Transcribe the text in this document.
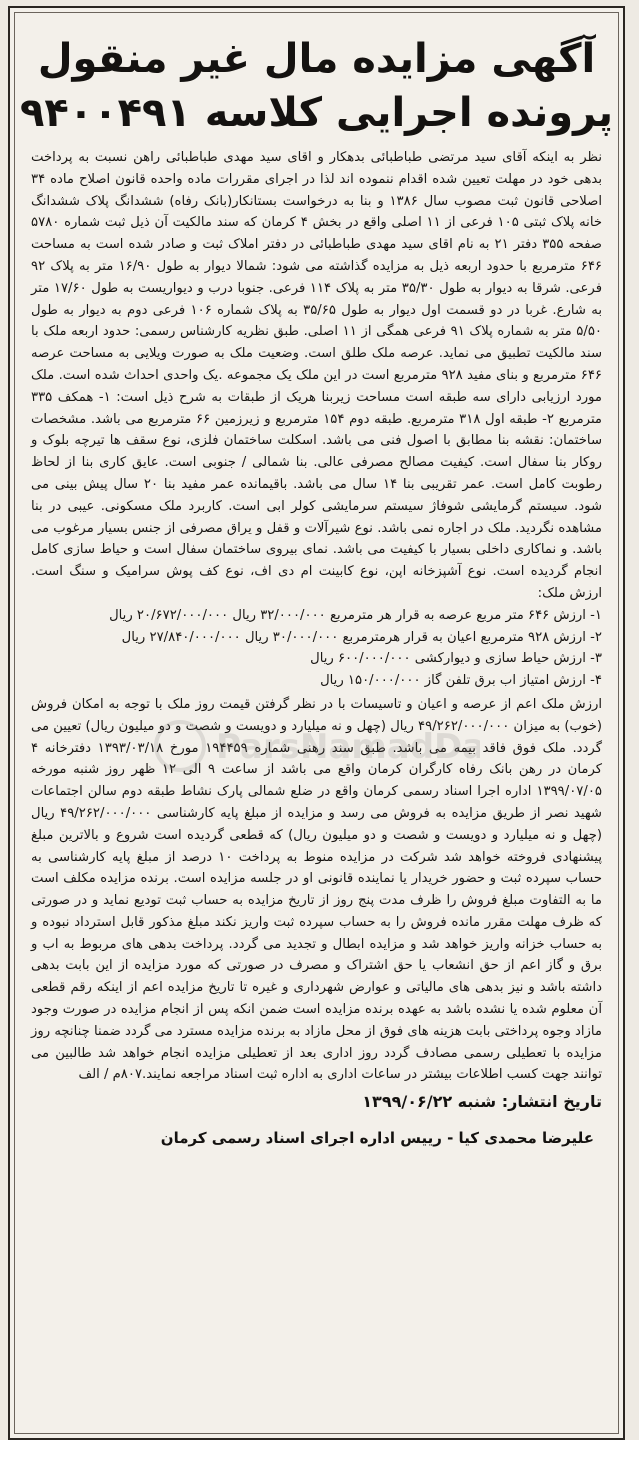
آگهی مزایده مال غیر منقول
پرونده اجرایی کلاسه ۹۴۰۰۴۹۱

نظر به اینکه آقای سید مرتضی طباطبائی بدهکار و اقای سید مهدی طباطبائی راهن نسبت به پرداخت بدهی خود در مهلت تعیین شده اقدام ننموده اند لذا در اجرای مقررات ماده واحده قانون اصلاح ماده ۳۴ اصلاحی قانون ثبت مصوب سال ۱۳۸۶ و بنا به درخواست بستانکار(بانک رفاه) ششدانگ پلاک ششدانگ خانه پلاک ثبتی ۱۰۵ فرعی از ۱۱ اصلی واقع در بخش ۴ کرمان که سند مالکیت آن ذیل ثبت شماره ۵۷۸۰ صفحه ۳۵۵ دفتر ۲۱ به نام اقای سید مهدی طباطبائی در دفتر املاک ثبت و صادر شده است به مساحت ۶۴۶ مترمربع با حدود اربعه ذیل به مزایده گذاشته می شود: شمالا دیوار به طول ۱۶/۹۰ متر به پلاک ۹۲ فرعی. شرقا به دیوار به طول ۳۵/۳۰ متر به پلاک ۱۱۴ فرعی. جنوبا درب و دیواریست به طول ۱۷/۶۰ متر به شارع. غربا در دو قسمت اول دیوار به طول ۳۵/۶۵ به پلاک شماره ۱۰۶ فرعی دوم به دیوار به طول ۵/۵۰ متر به شماره پلاک ۹۱ فرعی همگی از ۱۱ اصلی. طبق نظریه کارشناس رسمی: حدود اربعه ملک با سند مالکیت تطبیق می نماید. عرصه ملک طلق است. وضعیت ملک به صورت ویلایی به مساحت عرصه ۶۴۶ مترمربع و بنای مفید ۹۲۸ مترمربع است در این ملک یک مجموعه .یک واحدی احداث شده است. ملک مورد ارزیابی دارای سه طبقه است مساحت زیربنا هریک از طبقات به شرح ذیل است: ۱- همکف ۳۳۵ مترمربع ۲- طبقه اول ۳۱۸ مترمربع. طبقه دوم ۱۵۴ مترمربع و زیرزمین ۶۶ مترمربع می باشد. مشخصات ساختمان: نقشه بنا مطابق با اصول فنی می باشد. اسکلت ساختمان فلزی، نوع سقف ها تیرچه بلوک و روکار بنا سفال است. کیفیت مصالح مصرفی عالی. بنا شمالی / جنوبی است. عایق کاری بنا از لحاظ رطوبت کامل است. عمر تقریبی بنا ۱۴ سال می باشد. باقیمانده عمر مفید بنا ۲۰ سال پیش بینی می شود. سیستم گرمایشی شوفاژ سیستم سرمایشی کولر ابی است. کاربرد ملک مسکونی. عیبی در بنا مشاهده نگردید. ملک در اجاره نمی باشد. نوع شیرآلات و قفل و یراق مصرفی از جنس بسیار مرغوب می باشد. و نماکاری داخلی بسیار با کیفیت می باشد. نمای بیروی ساختمان سفال است و حیاط سازی کامل انجام گردیده است. نوع آشپزخانه اپن، نوع کابینت ام دی اف، نوع کف پوش سرامیک و سنگ است. ارزش ملک:

۱- ارزش ۶۴۶ متر مربع عرصه به قرار هر مترمربع ۳۲/۰۰۰/۰۰۰ ریال ۲۰/۶۷۲/۰۰۰/۰۰۰ ریال

۲- ارزش ۹۲۸ مترمربع اعیان به قرار هرمترمربع ۳۰/۰۰۰/۰۰۰ ریال ۲۷/۸۴۰/۰۰۰/۰۰۰ ریال

۳- ارزش حیاط سازی و دیوارکشی ۶۰۰/۰۰۰/۰۰۰ ریال

۴- ارزش امتیاز اب برق تلفن گاز ۱۵۰/۰۰۰/۰۰۰ ریال

ارزش ملک اعم از عرصه و اعیان و تاسیسات با در نظر گرفتن قیمت روز ملک با توجه به امکان فروش (خوب) به میزان ۴۹/۲۶۲/۰۰۰/۰۰۰ ریال (چهل و نه میلیارد و دویست و شصت و دو میلیون ریال) تعیین می گردد. ملک فوق فاقد بیمه می باشد. طبق سند رهنی شماره ۱۹۴۴۵۹ مورخ ۱۳۹۳/۰۳/۱۸ دفترخانه ۴ کرمان در رهن بانک رفاه کارگران کرمان واقع می باشد از ساعت ۹ الی ۱۲ ظهر روز شنبه مورخه ۱۳۹۹/۰۷/۰۵ اداره اجرا اسناد رسمی کرمان واقع در ضلع شمالی پارک نشاط طبقه دوم سالن اجتماعات شهید نصر از طریق مزایده به فروش می رسد و مزایده از مبلغ پایه کارشناسی ۴۹/۲۶۲/۰۰۰/۰۰۰ ریال (چهل و نه میلیارد و دویست و شصت و دو میلیون ریال) که قطعی گردیده است شروع و بالاترین مبلغ پیشنهادی فروخته خواهد شد شرکت در مزایده منوط به پرداخت ۱۰ درصد از مبلغ پایه کارشناسی به حساب سپرده ثبت و حضور خریدار یا نماینده قانونی او در جلسه مزایده است. برنده مزایده مکلف است ما به التفاوت مبلغ فروش را ظرف مدت پنج روز از تاریخ مزایده به حساب ثبت تودیع نماید و در صورتی که ظرف مهلت مقرر مانده فروش را به حساب سپرده ثبت واریز نکند مبلغ مذکور قابل استرداد نبوده و به حساب خزانه واریز خواهد شد و مزایده ابطال و تجدید می گردد. پرداخت بدهی های مربوط به اب و برق و گاز اعم از حق انشعاب یا حق اشتراک و مصرف در صورتی که مورد مزایده از این بابت بدهی داشته باشد و نیز بدهی های مالیاتی و عوارض شهرداری و غیره تا تاریخ مزایده اعم از اینکه رقم قطعی آن معلوم شده یا نشده باشد به عهده برنده مزایده است ضمن انکه پس از انجام مزایده در صورت وجود مازاد وجوه پرداختی بابت هزینه های فوق از محل مازاد به برنده مزایده مسترد می گردد ضمنا چنانچه روز مزایده با تعطیلی رسمی مصادف گردد روز اداری بعد از تعطیلی مزایده انجام خواهد شد طالبین می توانند جهت کسب اطلاعات بیشتر در ساعات اداری به اداره ثبت اسناد مراجعه نمایند.۸۰۷م / الف

تاریخ انتشار: شنبه ۱۳۹۹/۰۶/۲۲
علیرضا محمدی کیا - رییس اداره اجرای اسناد رسمی کرمان
